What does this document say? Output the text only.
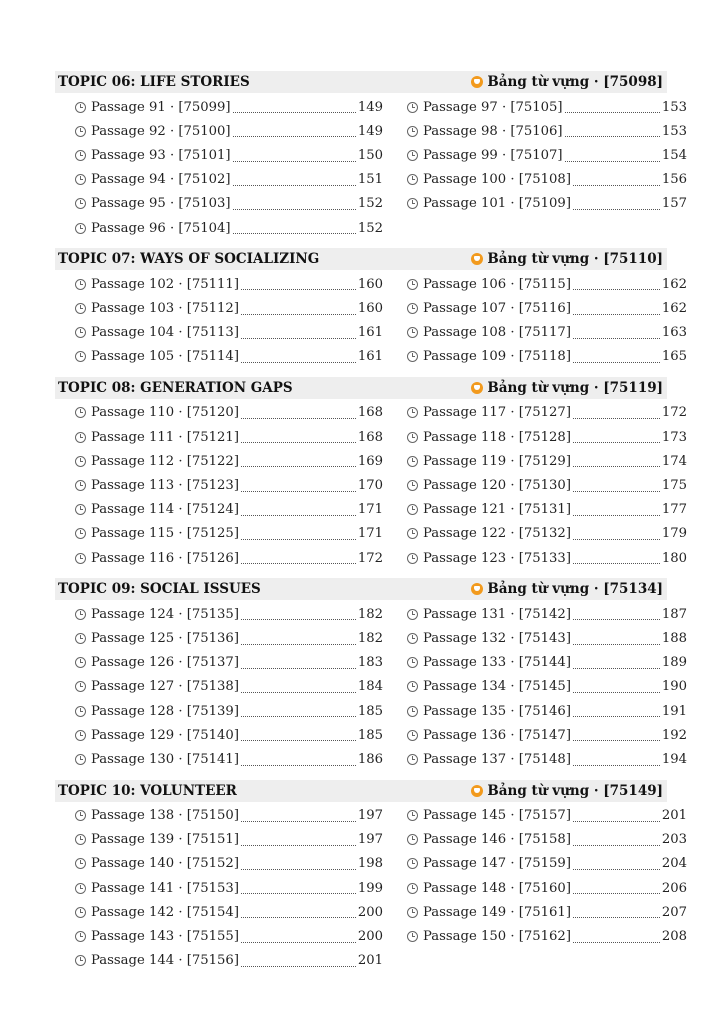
TOPIC 06: LIFE STORIES	Bảng từ vựng · [75098]
Passage 91 · [75099]	149
Passage 92 · [75100]	149
Passage 93 · [75101]	150
Passage 94 · [75102]	151
Passage 95 · [75103]	152
Passage 96 · [75104]	152
Passage 97 · [75105]	153
Passage 98 · [75106]	153
Passage 99 · [75107]	154
Passage 100 · [75108]	156
Passage 101 · [75109]	157
TOPIC 07: WAYS OF SOCIALIZING	Bảng từ vựng · [75110]
Passage 102 · [75111]	160
Passage 103 · [75112]	160
Passage 104 · [75113]	161
Passage 105 · [75114]	161
Passage 106 · [75115]	162
Passage 107 · [75116]	162
Passage 108 · [75117]	163
Passage 109 · [75118]	165
TOPIC 08: GENERATION GAPS	Bảng từ vựng · [75119]
Passage 110 · [75120]	168
Passage 111 · [75121]	168
Passage 112 · [75122]	169
Passage 113 · [75123]	170
Passage 114 · [75124]	171
Passage 115 · [75125]	171
Passage 116 · [75126]	172
Passage 117 · [75127]	172
Passage 118 · [75128]	173
Passage 119 · [75129]	174
Passage 120 · [75130]	175
Passage 121 · [75131]	177
Passage 122 · [75132]	179
Passage 123 · [75133]	180
TOPIC 09: SOCIAL ISSUES	Bảng từ vựng · [75134]
Passage 124 · [75135]	182
Passage 125 · [75136]	182
Passage 126 · [75137]	183
Passage 127 · [75138]	184
Passage 128 · [75139]	185
Passage 129 · [75140]	185
Passage 130 · [75141]	186
Passage 131 · [75142]	187
Passage 132 · [75143]	188
Passage 133 · [75144]	189
Passage 134 · [75145]	190
Passage 135 · [75146]	191
Passage 136 · [75147]	192
Passage 137 · [75148]	194
TOPIC 10: VOLUNTEER	Bảng từ vựng · [75149]
Passage 138 · [75150]	197
Passage 139 · [75151]	197
Passage 140 · [75152]	198
Passage 141 · [75153]	199
Passage 142 · [75154]	200
Passage 143 · [75155]	200
Passage 144 · [75156]	201
Passage 145 · [75157]	201
Passage 146 · [75158]	203
Passage 147 · [75159]	204
Passage 148 · [75160]	206
Passage 149 · [75161]	207
Passage 150 · [75162]	208
